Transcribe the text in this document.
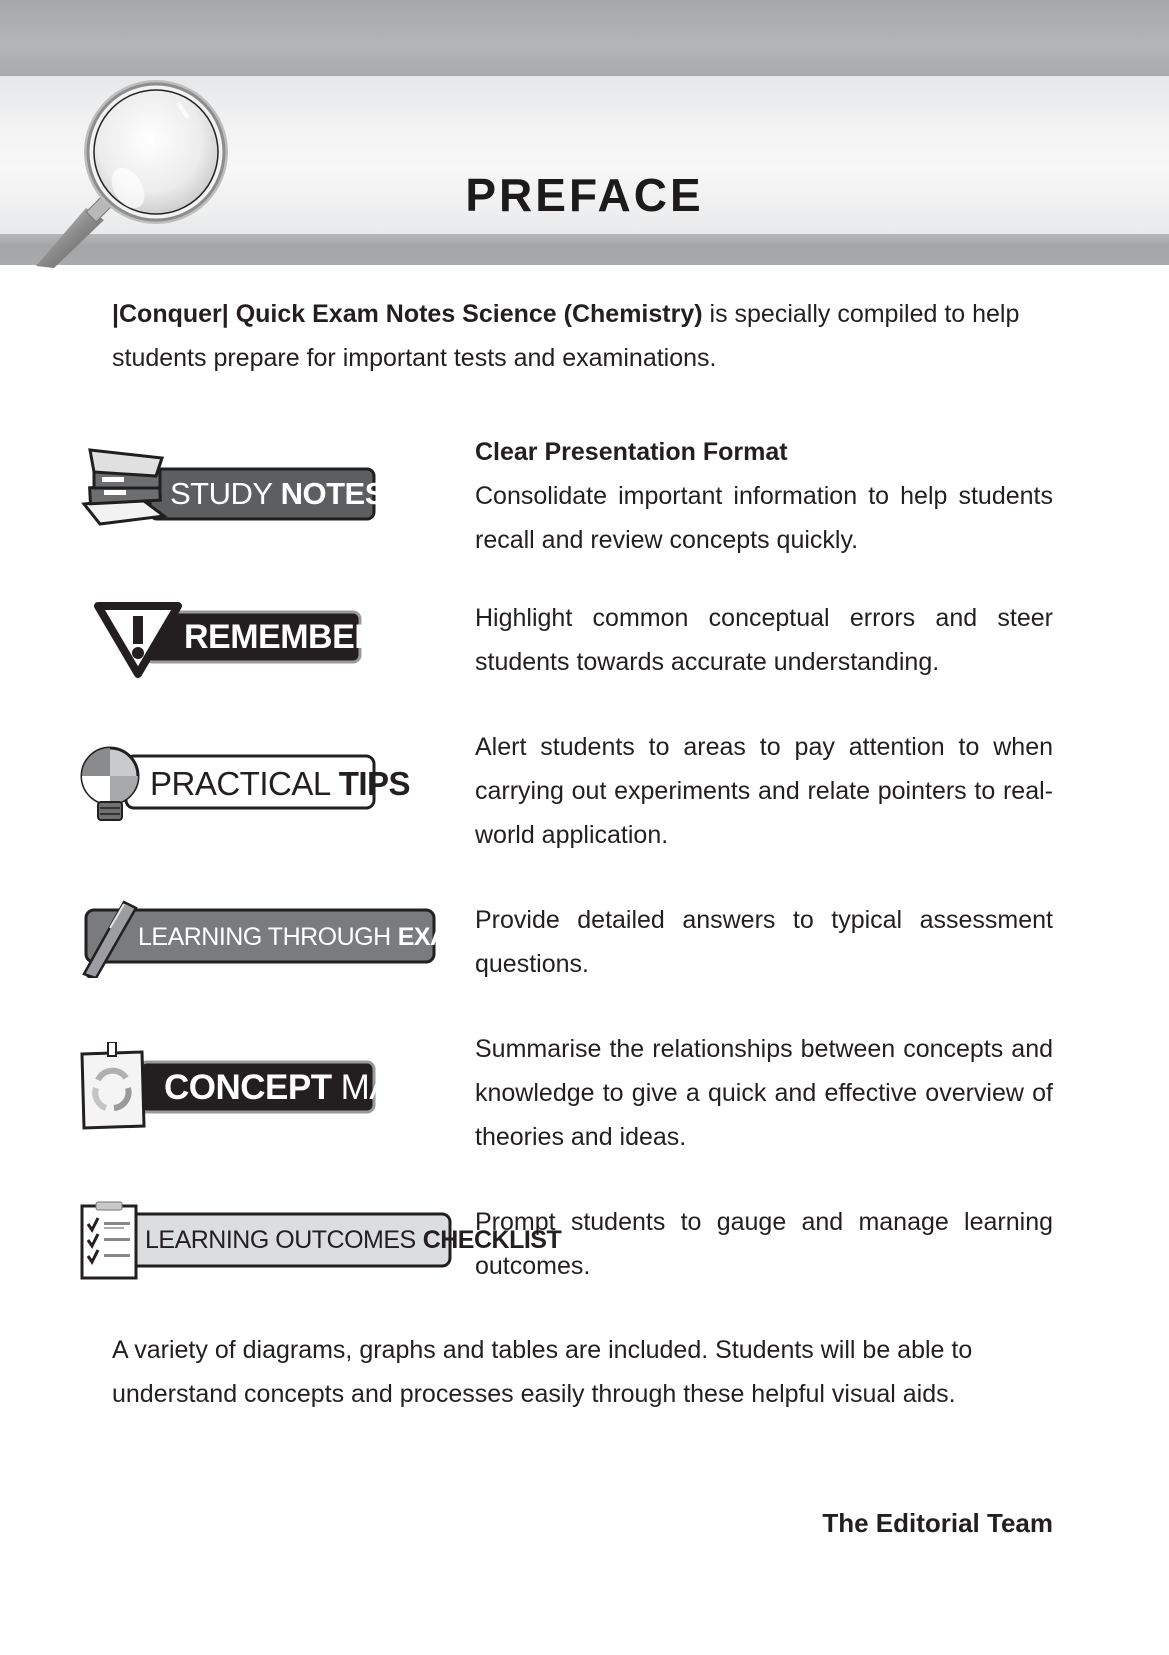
PREFACE
|Conquer| Quick Exam Notes Science (Chemistry) is specially compiled to help students prepare for important tests and examinations.
STUDY NOTES
Clear Presentation Format
Consolidate important information to help students recall and review concepts quickly.
REMEMBER	Highlight common conceptual errors and steer students towards accurate understanding.
PRACTICAL TIPS
Alert students to areas to pay attention to when carrying out experiments and relate pointers to real-world application.
LEARNING THROUGH EXAMPLES
Provide detailed answers to typical assessment questions.
CONCEPT MAP
Summarise the relationships between concepts and knowledge to give a quick and effective overview of theories and ideas.
LEARNING OUTCOMES CHECKLIST
Prompt students to gauge and manage learning outcomes.
A variety of diagrams, graphs and tables are included. Students will be able to understand concepts and processes easily through these helpful visual aids.
The Editorial Team
